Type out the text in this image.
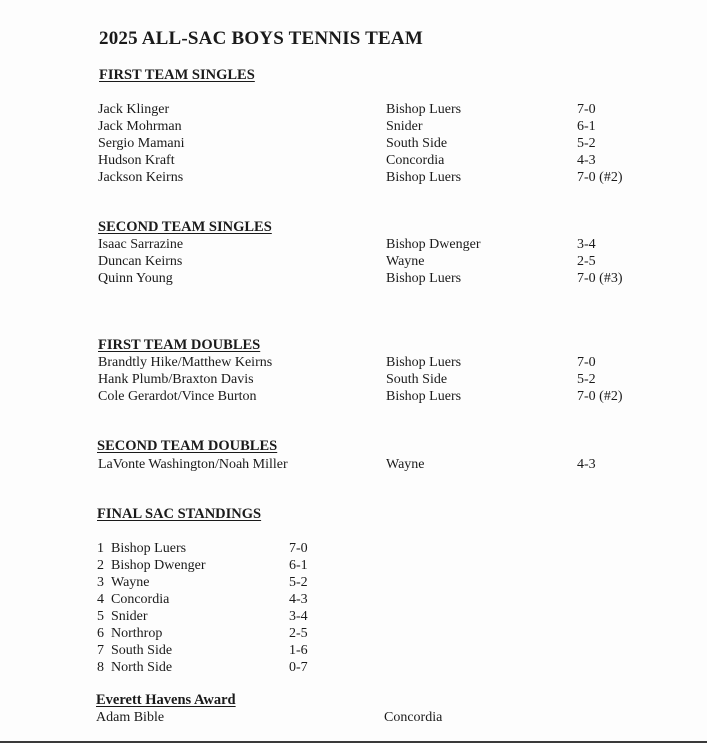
2025 ALL-SAC BOYS TENNIS TEAM
FIRST TEAM SINGLES
Jack Klinger	Bishop Luers	7-0
Jack Mohrman	Snider	6-1
Sergio Mamani	South Side	5-2
Hudson Kraft	Concordia	4-3
Jackson Keirns	Bishop Luers	7-0 (#2)
SECOND TEAM SINGLES
Isaac Sarrazine	Bishop Dwenger	3-4
Duncan Keirns	Wayne	2-5
Quinn Young	Bishop Luers	7-0 (#3)
FIRST TEAM DOUBLES
Brandtly Hike/Matthew Keirns	Bishop Luers	7-0
Hank Plumb/Braxton Davis	South Side	5-2
Cole Gerardot/Vince Burton	Bishop Luers	7-0 (#2)
SECOND TEAM DOUBLES
LaVonte Washington/Noah Miller	Wayne	4-3
FINAL SAC STANDINGS
1 Bishop Luers	7-0
2 Bishop Dwenger	6-1
3 Wayne	5-2
4 Concordia	4-3
5 Snider	3-4
6 Northrop	2-5
7 South Side	1-6
8 North Side	0-7
Everett Havens Award
Adam Bible	Concordia
